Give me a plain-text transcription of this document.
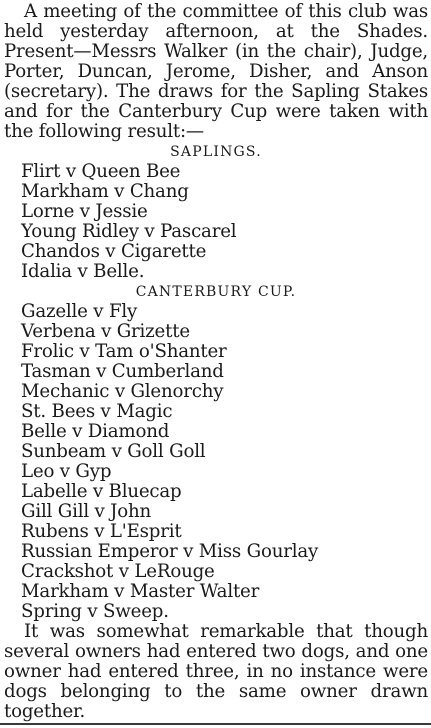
A meeting of the committee of this club was held yesterday afternoon, at the Shades. Present—Messrs Walker (in the chair), Judge, Porter, Duncan, Jerome, Disher, and Anson (secretary). The draws for the Sapling Stakes and for the Canterbury Cup were taken with the following result:—

SAPLINGS.

Flirt v Queen Bee
Markham v Chang
Lorne v Jessie
Young Ridley v Pascarel
Chandos v Cigarette
Idalia v Belle.

CANTERBURY CUP.

Gazelle v Fly
Verbena v Grizette
Frolic v Tam o'Shanter
Tasman v Cumberland
Mechanic v Glenorchy
St. Bees v Magic
Belle v Diamond
Sunbeam v Goll Goll
Leo v Gyp
Labelle v Bluecap
Gill Gill v John
Rubens v L'Esprit
Russian Emperor v Miss Gourlay
Crackshot v LeRouge
Markham v Master Walter
Spring v Sweep.

It was somewhat remarkable that though several owners had entered two dogs, and one owner had entered three, in no instance were dogs belonging to the same owner drawn together.
